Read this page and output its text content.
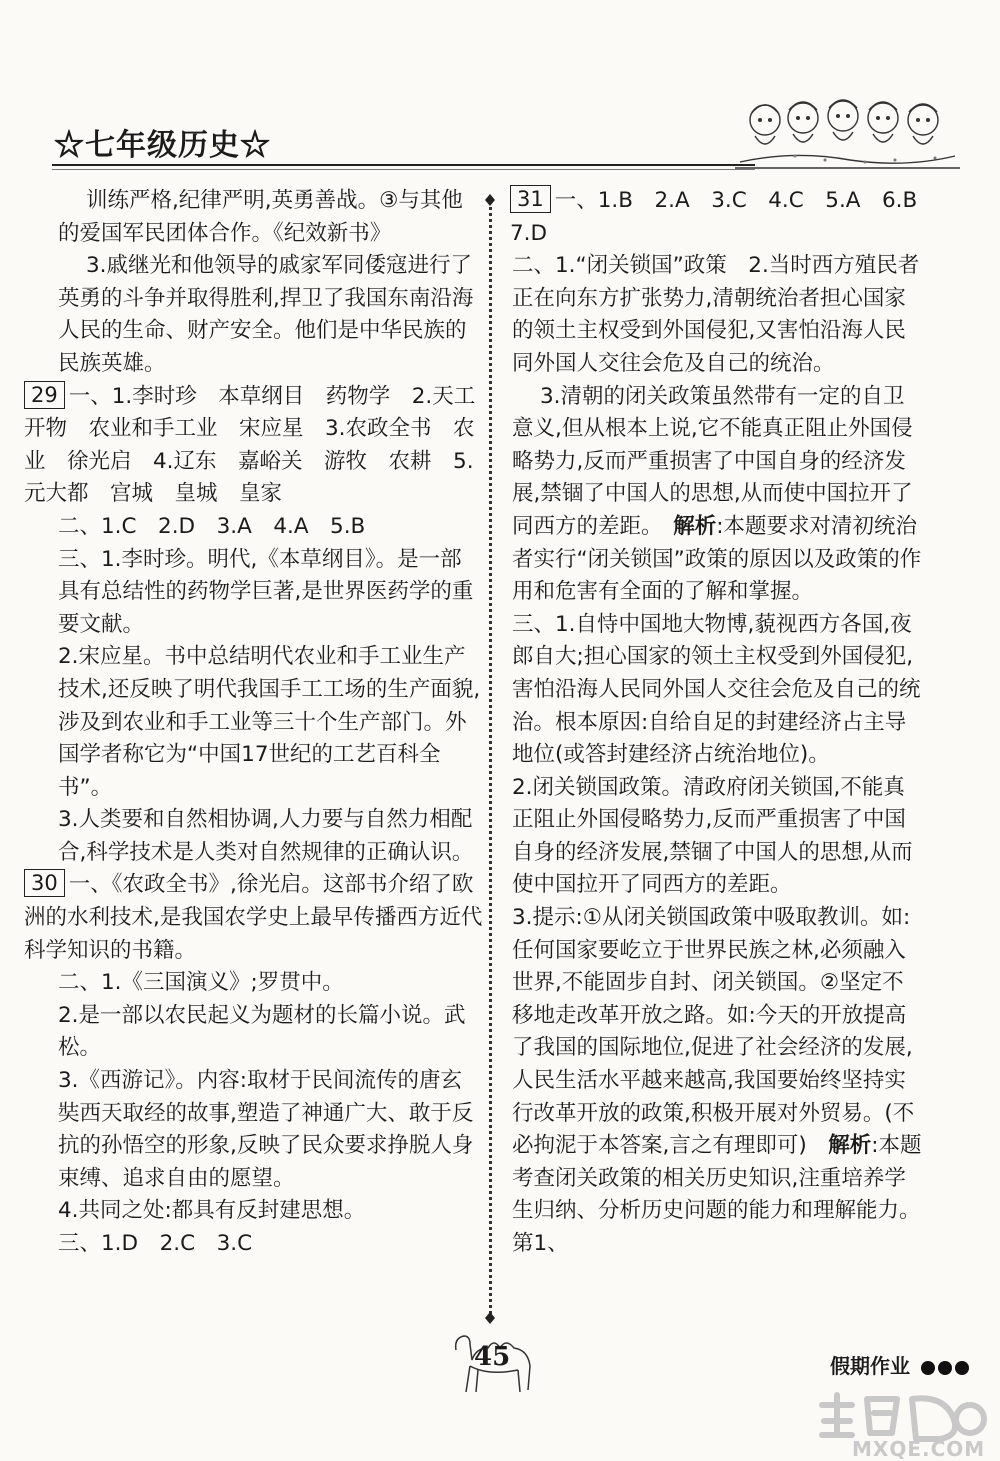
☆七年级历史☆

训练严格,纪律严明,英勇善战。③与其他的爱国军民团体合作。《纪效新书》

3.戚继光和他领导的戚家军同倭寇进行了英勇的斗争并取得胜利,捍卫了我国东南沿海人民的生命、财产安全。他们是中华民族的民族英雄。

29 一、1.李时珍　本草纲目　药物学　2.天工开物　农业和手工业　宋应星　3.农政全书　农业　徐光启　4.辽东　嘉峪关　游牧　农耕　5.元大都　宫城　皇城　皇家

二、1.C　2.D　3.A　4.A　5.B

三、1.李时珍。明代,《本草纲目》。是一部具有总结性的药物学巨著,是世界医药学的重要文献。

2.宋应星。书中总结明代农业和手工业生产技术,还反映了明代我国手工工场的生产面貌,涉及到农业和手工业等三十个生产部门。外国学者称它为“中国17世纪的工艺百科全书”。

3.人类要和自然相协调,人力要与自然力相配合,科学技术是人类对自然规律的正确认识。

30 一、《农政全书》,徐光启。这部书介绍了欧洲的水利技术,是我国农学史上最早传播西方近代科学知识的书籍。

二、1.《三国演义》;罗贯中。

2.是一部以农民起义为题材的长篇小说。武松。

3.《西游记》。内容:取材于民间流传的唐玄奘西天取经的故事,塑造了神通广大、敢于反抗的孙悟空的形象,反映了民众要求挣脱人身束缚、追求自由的愿望。

4.共同之处:都具有反封建思想。

三、1.D　2.C　3.C

31 一、1.B　2.A　3.C　4.C　5.A　6.B　7.D

二、1.“闭关锁国”政策　2.当时西方殖民者正在向东方扩张势力,清朝统治者担心国家的领土主权受到外国侵犯,又害怕沿海人民同外国人交往会危及自己的统治。

3.清朝的闭关政策虽然带有一定的自卫意义,但从根本上说,它不能真正阻止外国侵略势力,反而严重损害了中国自身的经济发展,禁锢了中国人的思想,从而使中国拉开了同西方的差距。　 解析:本题要求对清初统治者实行“闭关锁国”政策的原因以及政策的作用和危害有全面的了解和掌握。

三、1.自恃中国地大物博,藐视西方各国,夜郎自大;担心国家的领土主权受到外国侵犯,害怕沿海人民同外国人交往会危及自己的统治。根本原因:自给自足的封建经济占主导地位(或答封建经济占统治地位)。

2.闭关锁国政策。清政府闭关锁国,不能真正阻止外国侵略势力,反而严重损害了中国自身的经济发展,禁锢了中国人的思想,从而使中国拉开了同西方的差距。

3.提示:①从闭关锁国政策中吸取教训。如:任何国家要屹立于世界民族之林,必须融入世界,不能固步自封、闭关锁国。②坚定不移地走改革开放之路。如:今天的开放提高了我国的国际地位,促进了社会经济的发展,人民生活水平越来越高,我国要始终坚持实行改革开放的政策,积极开展对外贸易。(不必拘泥于本答案,言之有理即可)　解析:本题考查闭关政策的相关历史知识,注重培养学生归纳、分析历史问题的能力和理解能力。第1、

45	假期作业
MXQE.COM
